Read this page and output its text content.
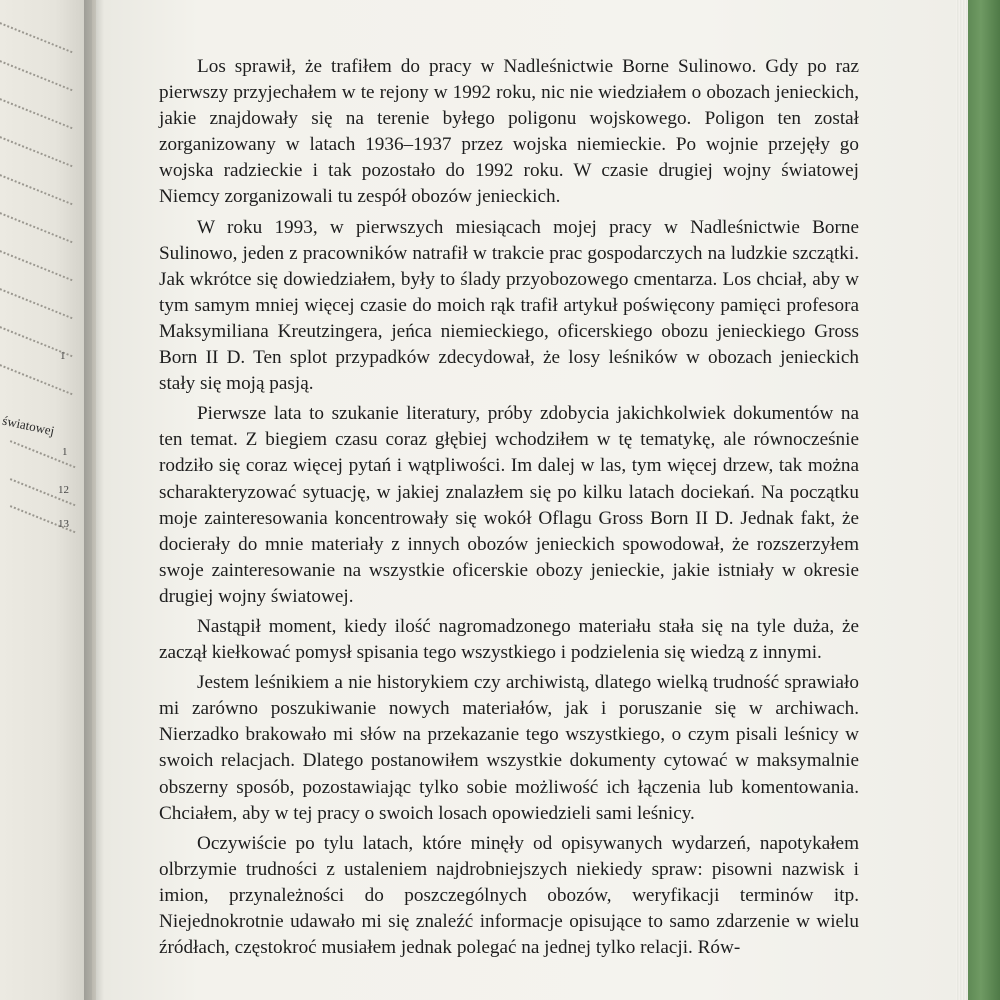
światowej
1
1
12
13

Los sprawił, że trafiłem do pracy w Nadleśnictwie Borne Sulinowo. Gdy po raz pierwszy przyjechałem w te rejony w 1992 roku, nic nie wiedziałem o obozach jenieckich, jakie znajdowały się na terenie byłego poligonu wojskowego. Poligon ten został zorganizowany w latach 1936–1937 przez wojska niemieckie. Po wojnie przejęły go wojska radzieckie i tak pozostało do 1992 roku. W czasie drugiej wojny światowej Niemcy zorganizowali tu zespół obozów jenieckich.

W roku 1993, w pierwszych miesiącach mojej pracy w Nadleśnictwie Borne Sulinowo, jeden z pracowników natrafił w trakcie prac gospodarczych na ludzkie szczątki. Jak wkrótce się dowiedziałem, były to ślady przyobozowego cmentarza. Los chciał, aby w tym samym mniej więcej czasie do moich rąk trafił artykuł poświęcony pamięci profesora Maksymiliana Kreutzingera, jeńca niemieckiego, oficerskiego obozu jenieckiego Gross Born II D. Ten splot przypadków zdecydował, że losy leśników w obozach jenieckich stały się moją pasją.

Pierwsze lata to szukanie literatury, próby zdobycia jakichkolwiek dokumentów na ten temat. Z biegiem czasu coraz głębiej wchodziłem w tę tematykę, ale równocześnie rodziło się coraz więcej pytań i wątpliwości. Im dalej w las, tym więcej drzew, tak można scharakteryzować sytuację, w jakiej znalazłem się po kilku latach dociekań. Na początku moje zainteresowania koncentrowały się wokół Oflagu Gross Born II D. Jednak fakt, że docierały do mnie materiały z innych obozów jenieckich spowodował, że rozszerzyłem swoje zainteresowanie na wszystkie oficerskie obozy jenieckie, jakie istniały w okresie drugiej wojny światowej.

Nastąpił moment, kiedy ilość nagromadzonego materiału stała się na tyle duża, że zaczął kiełkować pomysł spisania tego wszystkiego i podzielenia się wiedzą z innymi.

Jestem leśnikiem a nie historykiem czy archiwistą, dlatego wielką trudność sprawiało mi zarówno poszukiwanie nowych materiałów, jak i poruszanie się w archiwach. Nierzadko brakowało mi słów na przekazanie tego wszystkiego, o czym pisali leśnicy w swoich relacjach. Dlatego postanowiłem wszystkie dokumenty cytować w maksymalnie obszerny sposób, pozostawiając tylko sobie możliwość ich łączenia lub komentowania. Chciałem, aby w tej pracy o swoich losach opowiedzieli sami leśnicy.

Oczywiście po tylu latach, które minęły od opisywanych wydarzeń, napotykałem olbrzymie trudności z ustaleniem najdrobniejszych niekiedy spraw: pisowni nazwisk i imion, przynależności do poszczególnych obozów, weryfikacji terminów itp. Niejednokrotnie udawało mi się znaleźć informacje opisujące to samo zdarzenie w wielu źródłach, częstokroć musiałem jednak polegać na jednej tylko relacji. Rów-
